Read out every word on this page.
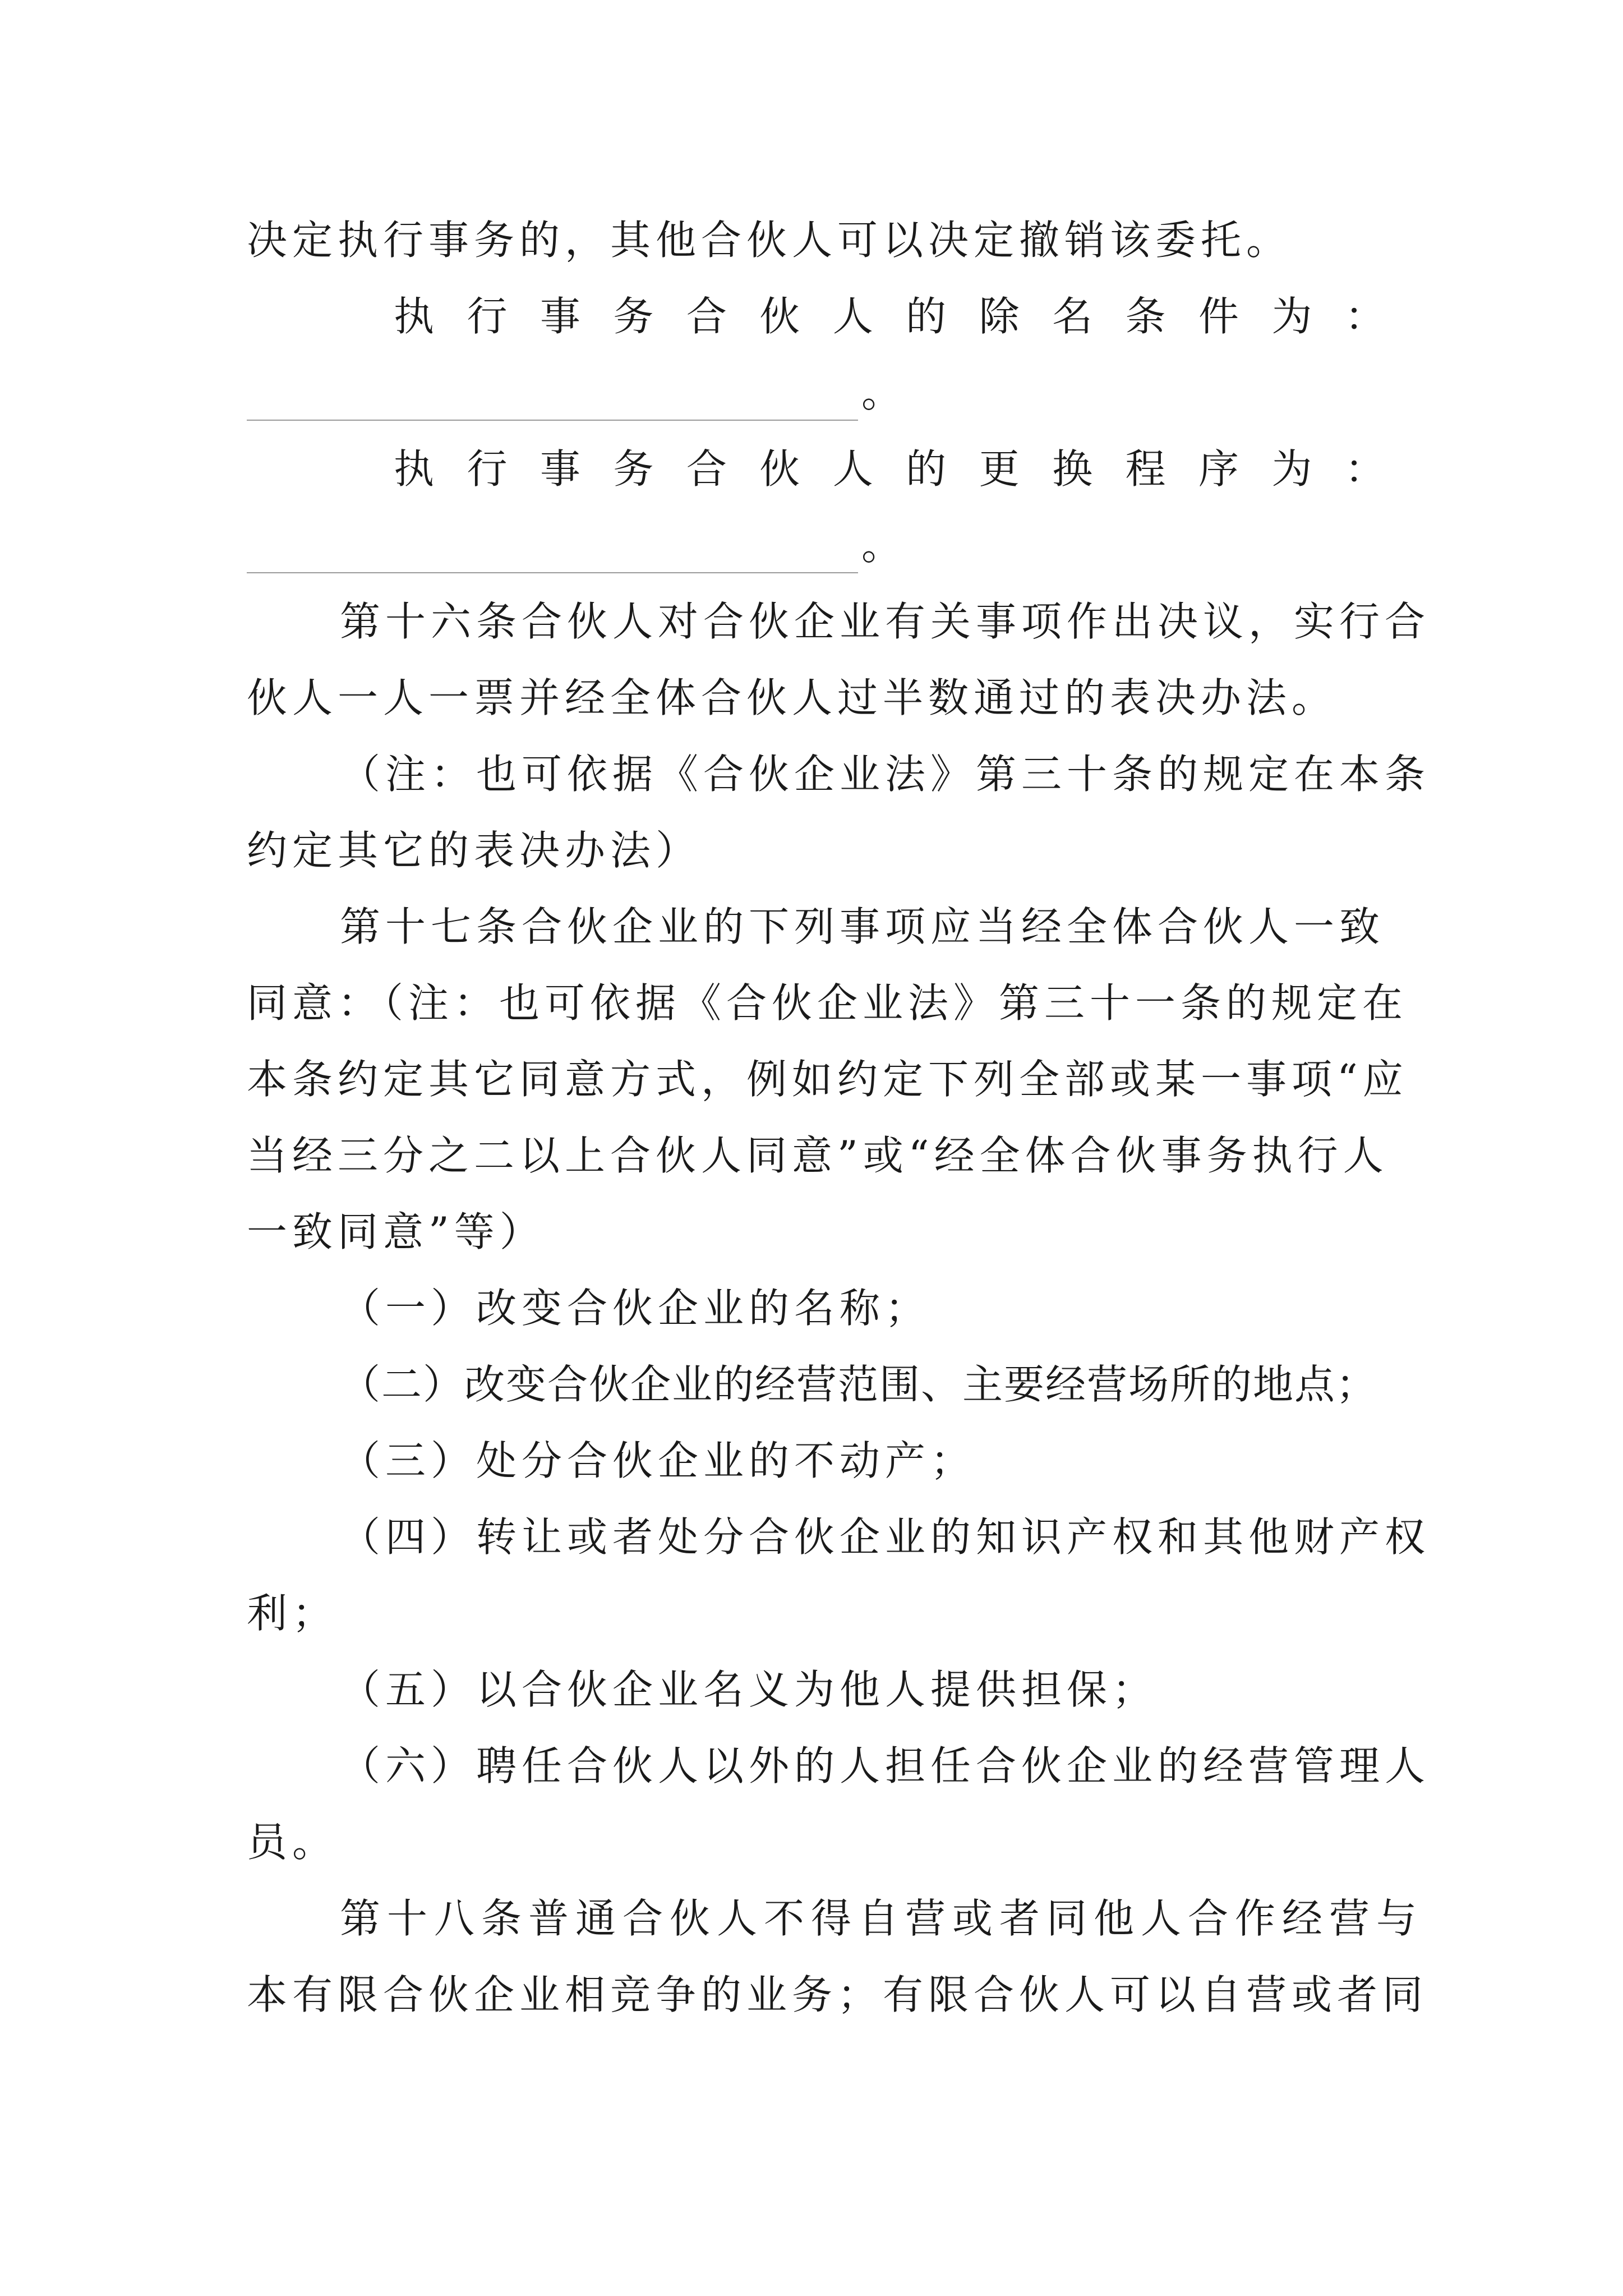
决定执行事务的，其他合伙人可以决定撤销该委托。
执 行 事 务 合 伙 人 的 除 名 条 件 为 ：
。
执 行 事 务 合 伙 人 的 更 换 程 序 为 ：
。
第十六条合伙人对合伙企业有关事项作出决议，实行合
伙人一人一票并经全体合伙人过半数通过的表决办法。
（注：也可依据《合伙企业法》第三十条的规定在本条
约定其它的表决办法）
第十七条合伙企业的下列事项应当经全体合伙人一致
同意：（注：也可依据《合伙企业法》第三十一条的规定在
本条约定其它同意方式，例如约定下列全部或某一事项“应
当经三分之二以上合伙人同意”或“经全体合伙事务执行人
一致同意”等）
（一）改变合伙企业的名称；
（二）改变合伙企业的经营范围、主要经营场所的地点；
（三）处分合伙企业的不动产；
（四）转让或者处分合伙企业的知识产权和其他财产权
利；
（五）以合伙企业名义为他人提供担保；
（六）聘任合伙人以外的人担任合伙企业的经营管理人
员。
第十八条普通合伙人不得自营或者同他人合作经营与
本有限合伙企业相竞争的业务；有限合伙人可以自营或者同
